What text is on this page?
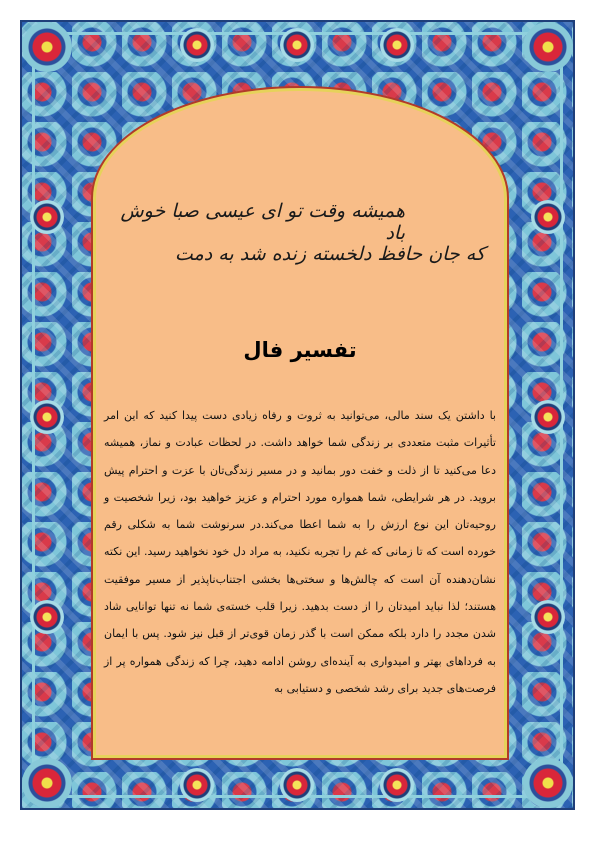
همیشه وقت تو ای عیسی صبا خوش باد
که جان حافظ دلخسته زنده شد به دمت
تفسیر فال
با داشتن یک سند مالی، می‌توانید به ثروت و رفاه زیادی دست پیدا کنید که این امر تأثیرات مثبت متعددی بر زندگی شما خواهد داشت. در لحظات عبادت و نماز، همیشه دعا می‌کنید تا از ذلت و خفت دور بمانید و در مسیر زندگی‌تان با عزت و احترام پیش بروید. در هر شرایطی، شما همواره مورد احترام و عزیز خواهید بود، زیرا شخصیت و روحیه‌تان این نوع ارزش را به شما اعطا می‌کند.در سرنوشت شما به شکلی رقم خورده است که تا زمانی که غم را تجربه نکنید، به مراد دل خود نخواهید رسید. این نکته نشان‌دهنده آن است که چالش‌ها و سختی‌ها بخشی اجتناب‌ناپذیر از مسیر موفقیت هستند؛ لذا نباید امیدتان را از دست بدهید. زیرا قلب خسته‌ی شما نه تنها توانایی شاد شدن مجدد را دارد بلکه ممکن است با گذر زمان قوی‌تر از قبل نیز شود. پس با ایمان به فرداهای بهتر و امیدواری به آینده‌ای روشن ادامه دهید، چرا که زندگی همواره پر از فرصت‌های جدید برای رشد شخصی و دستیابی به
